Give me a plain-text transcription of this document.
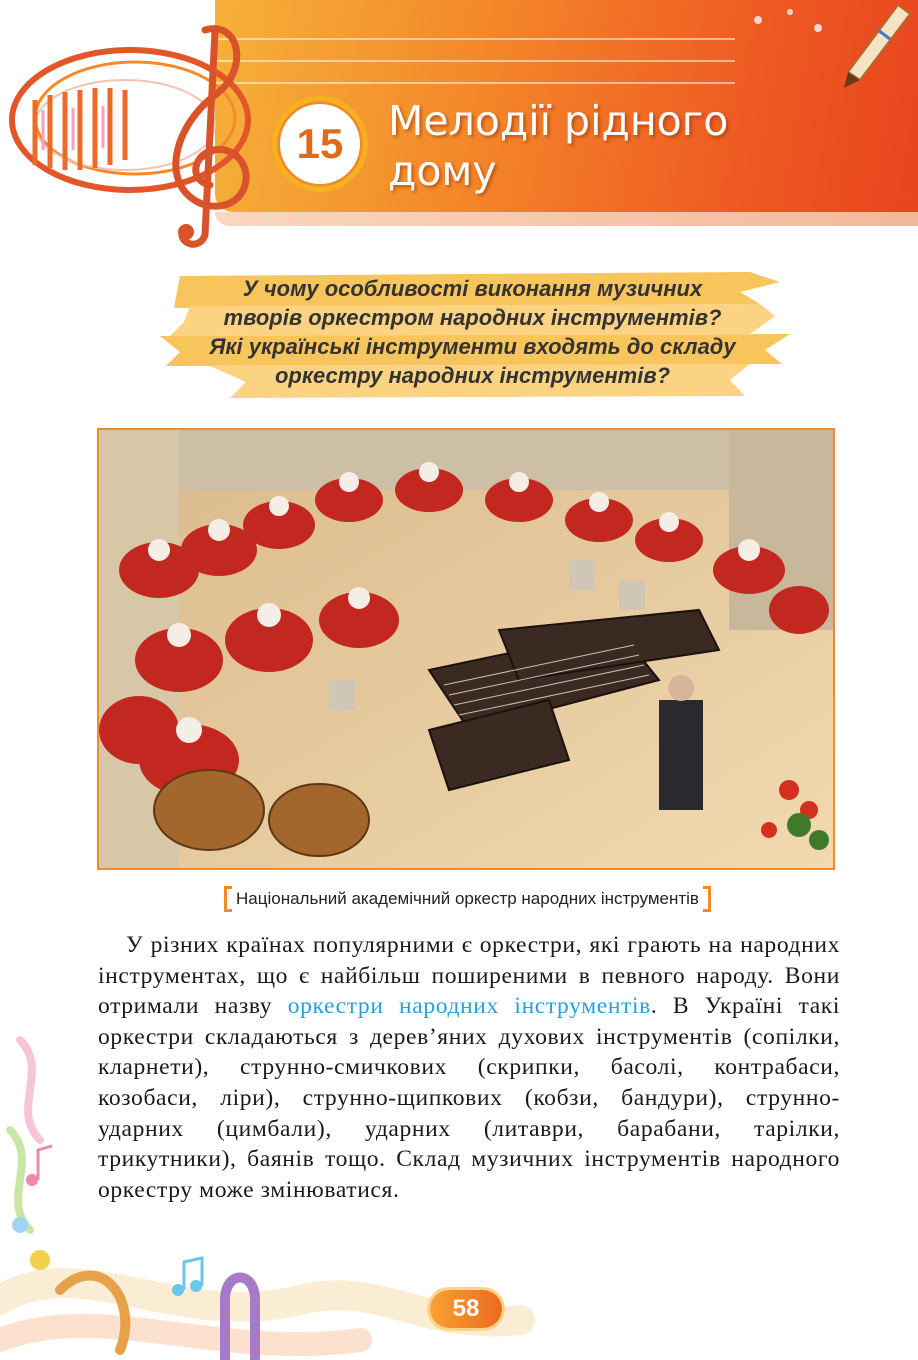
15 Мелодії рідного
дому
У чому особливості виконання музичних
творів оркестром народних інструментів?
Які українські інструменти входять до складу
оркестру народних інструментів?
Національний академічний оркестр народних інструментів
У різних країнах популярними є оркестри, які грають на народних інструментах, що є найбільш поширеними в певного народу. Вони отримали назву оркестри народних інструментів. В Україні такі оркестри складаються з дерев’яних духових інструментів (сопілки, кларнети), струнно-смичкових (скрипки, басолі, контрабаси, козобаси, ліри), струнно-щипкових (кобзи, бандури), струнно-ударних (цимбали), ударних (литаври, барабани, тарілки, трикутники), баянів тощо. Склад музичних інструментів народного оркестру може змінюватися.
58
